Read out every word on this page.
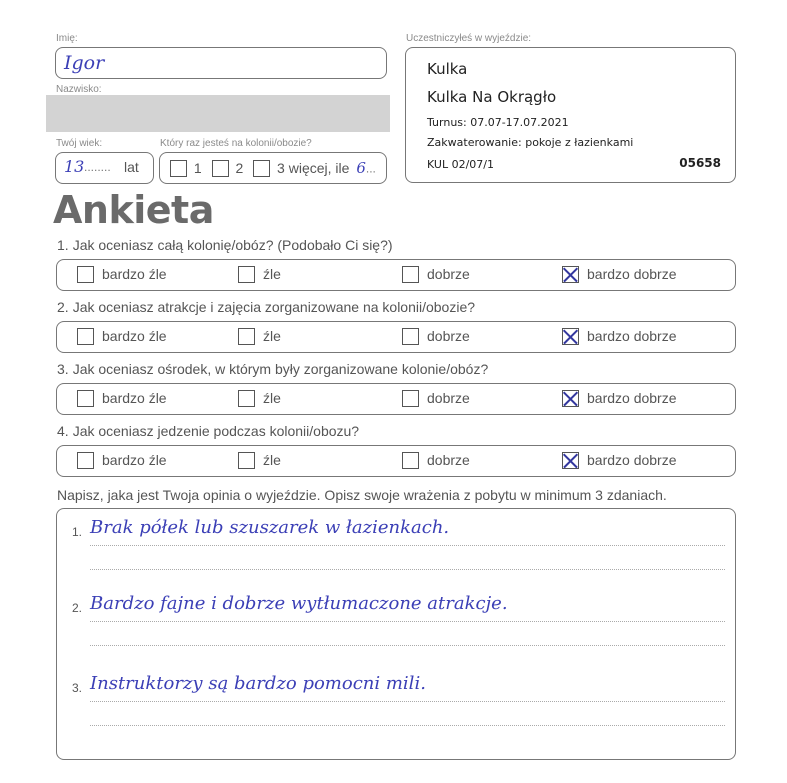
Imię:
Igor
Nazwisko:
Twój wiek:
13 ........ lat
Który raz jesteś na kolonii/obozie?
1 2 3 więcej, ile 6...
Uczestniczyłeś w wyjeździe:
Kulka
Kulka Na Okrągło
Turnus: 07.07-17.07.2021
Zakwaterowanie: pokoje z łazienkami
KUL 02/07/1	05658
Ankieta
1. Jak oceniasz całą kolonię/obóz? (Podobało Ci się?)
bardzo źle	źle	dobrze	bardzo dobrze
2. Jak oceniasz atrakcje i zajęcia zorganizowane na kolonii/obozie?
bardzo źle	źle	dobrze	bardzo dobrze
3. Jak oceniasz ośrodek, w którym były zorganizowane kolonie/obóz?
bardzo źle	źle	dobrze	bardzo dobrze
4. Jak oceniasz jedzenie podczas kolonii/obozu?
bardzo źle	źle	dobrze	bardzo dobrze
Napisz, jaka jest Twoja opinia o wyjeździe. Opisz swoje wrażenia z pobytu w minimum 3 zdaniach.
1. Brak półek lub szuszarek w łazienkach.
2. Bardzo fajne i dobrze wytłumaczone atrakcje.
3. Instruktorzy są bardzo pomocni mili.
